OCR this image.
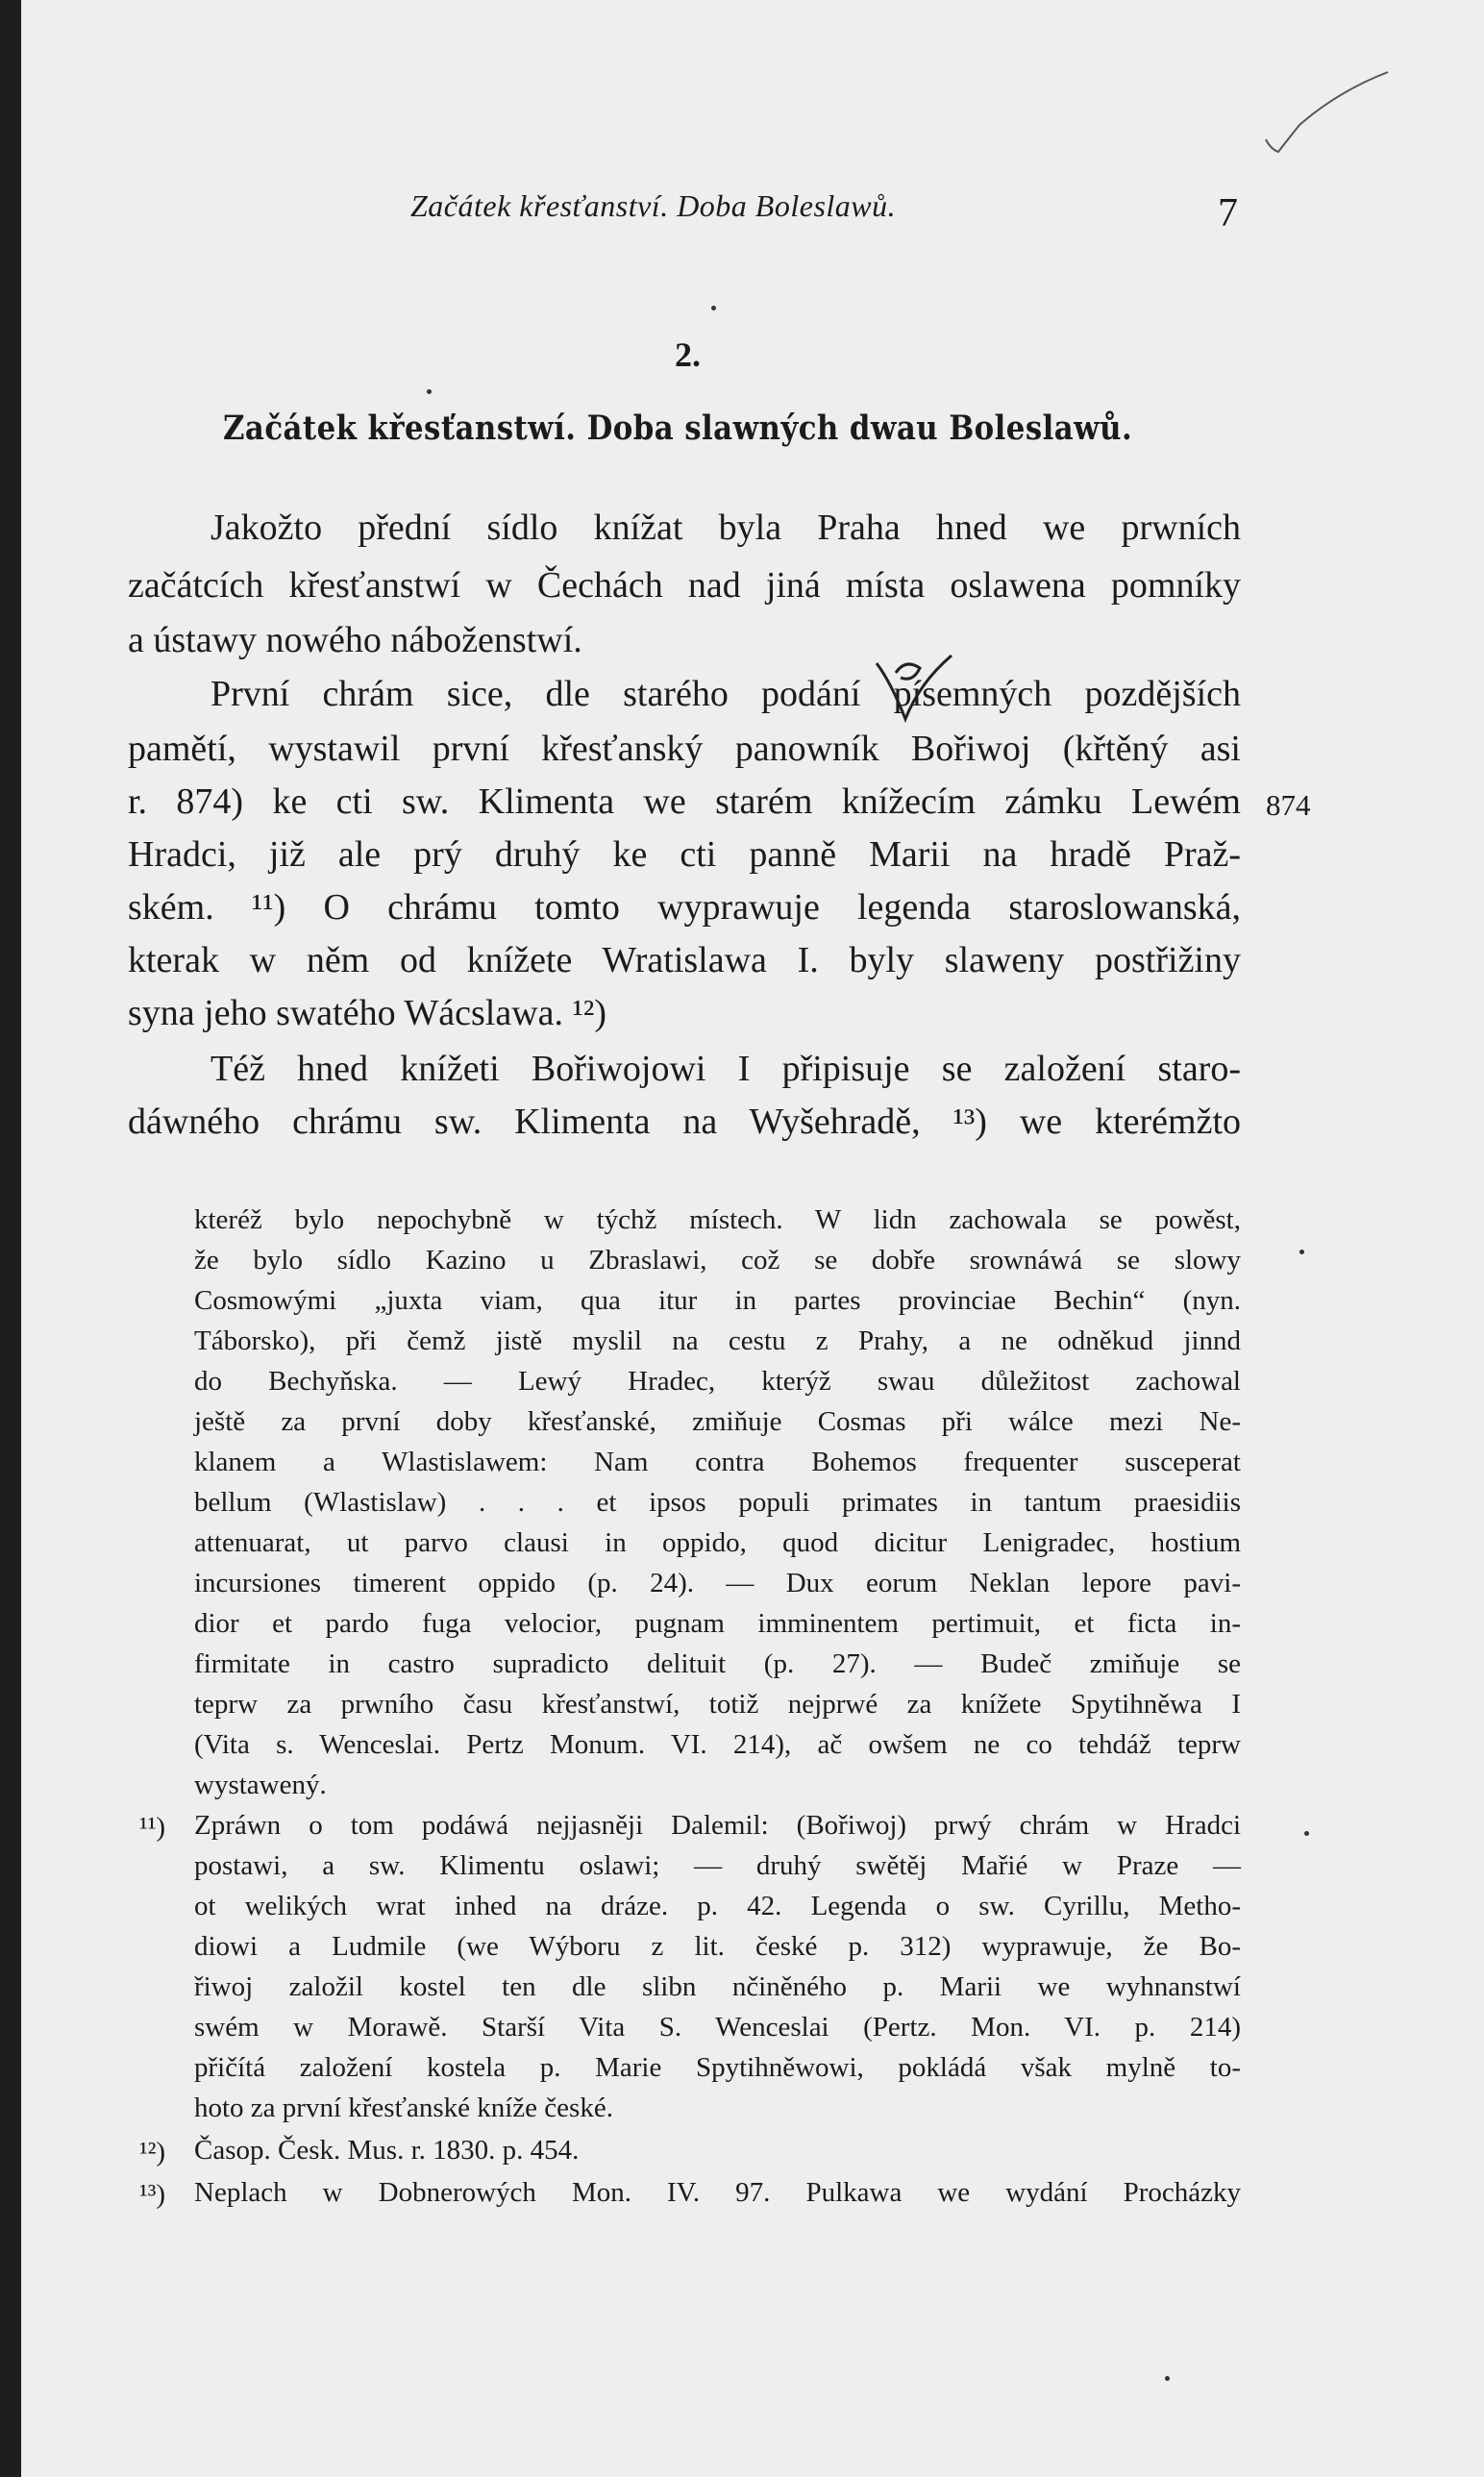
Začátek křesťanství. Doba Boleslawů.	7
2.
Začátek křesťanstwí. Doba slawných dwau Boleslawů.
Jakožto přední sídlo knížat byla Praha hned we prwních
začátcích křesťanstwí w Čechách nad jiná místa oslawena pomníky
a ústawy nowého náboženstwí.
První chrám sice, dle starého podání písemných pozdějších
pamětí, wystawil první křesťanský panowník Bořiwoj (křtěný asi
r. 874) ke cti sw. Klimenta we starém knížecím zámku Lewém
Hradci, již ale prý druhý ke cti panně Marii na hradě Praž-
ském. ¹¹) O chrámu tomto wyprawuje legenda staroslowanská,
kterak w něm od knížete Wratislawa I. byly slaweny postřižiny
syna jeho swatého Wácslawa. ¹²)
Též hned knížeti Bořiwojowi I připisuje se založení staro-
dáwného chrámu sw. Klimenta na Wyšehradě, ¹³) we kterémžto
874
kteréž bylo nepochybně w týchž místech. W lidn zachowala se powěst,
že bylo sídlo Kazino u Zbraslawi, což se dobře srownáwá se slowy
Cosmowými „juxta viam, qua itur in partes provinciae Bechin“ (nyn.
Táborsko), při čemž jistě myslil na cestu z Prahy, a ne odněkud jinnd
do Bechyňska. — Lewý Hradec, kterýž swau důležitost zachowal
ještě za první doby křesťanské, zmiňuje Cosmas při wálce mezi Ne-
klanem a Wlastislawem: Nam contra Bohemos frequenter susceperat
bellum (Wlastislaw) . . . et ipsos populi primates in tantum praesidiis
attenuarat, ut parvo clausi in oppido, quod dicitur Lenigradec, hostium
incursiones timerent oppido (p. 24). — Dux eorum Neklan lepore pavi-
dior et pardo fuga velocior, pugnam imminentem pertimuit, et ficta in-
firmitate in castro supradicto delituit (p. 27). — Budeč zmiňuje se
teprw za prwního času křesťanstwí, totiž nejprwé za knížete Spytihněwa I
(Vita s. Wenceslai. Pertz Monum. VI. 214), ač owšem ne co tehdáž teprw
wystawený.
¹¹) Zpráwn o tom podáwá nejjasněji Dalemil: (Bořiwoj) prwý chrám w Hradci
postawi, a sw. Klimentu oslawi; — druhý swětěj Mařié w Praze —
ot welikých wrat inhed na dráze. p. 42. Legenda o sw. Cyrillu, Metho-
diowi a Ludmile (we Wýboru z lit. české p. 312) wyprawuje, že Bo-
řiwoj založil kostel ten dle slibn nčiněného p. Marii we wyhnanstwí
swém w Morawě. Starší Vita S. Wenceslai (Pertz. Mon. VI. p. 214)
přičítá založení kostela p. Marie Spytihněwowi, pokládá však mylně to-
hoto za první křesťanské kníže české.
¹²) Časop. Česk. Mus. r. 1830. p. 454.
¹³) Neplach w Dobnerowých Mon. IV. 97. Pulkawa we wydání Procházky
